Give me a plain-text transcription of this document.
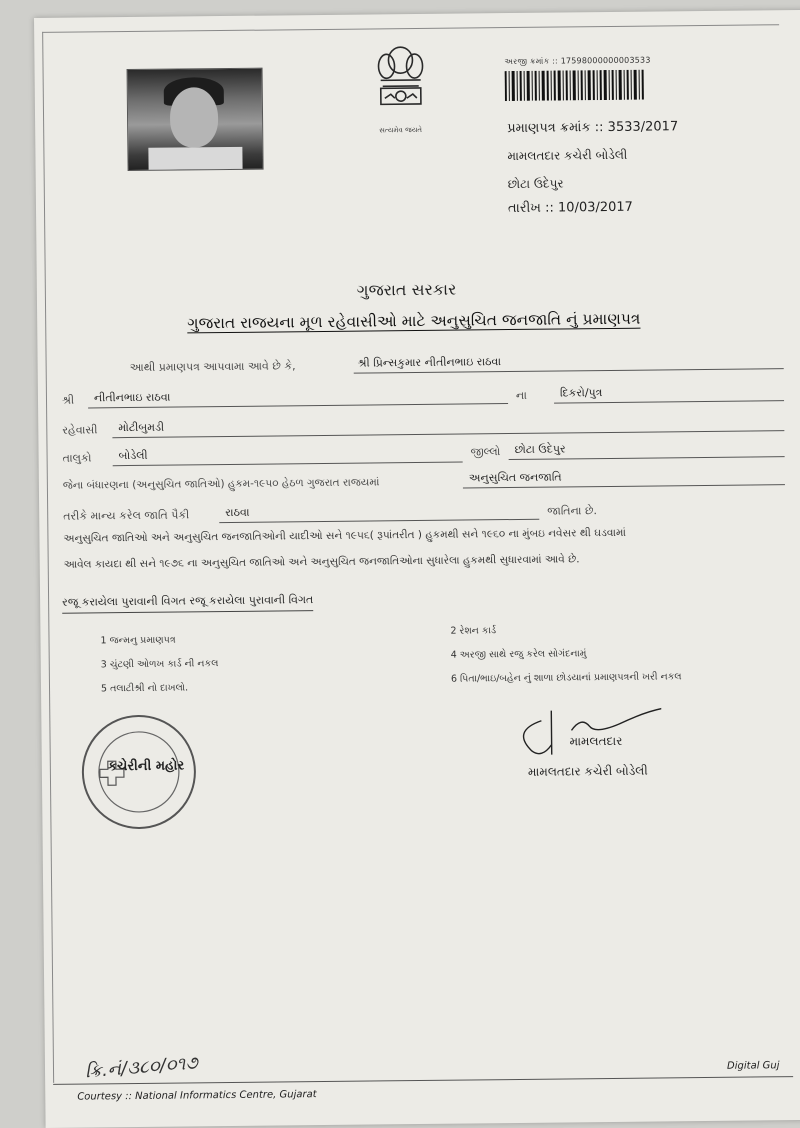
સત્યમેવ જયતે
અરજી ક્રમાંક :: 17598000000003533
પ્રમાણપત્ર ક્રમાંક :: 3533/2017
મામલતદાર કચેરી બોડેલી
છોટા ઉદેપુર
તારીખ :: 10/03/2017
ગુજરાત સરકાર
ગુજરાત રાજયના મૂળ રહેવાસીઓ માટે અનુસુચિત જનજાતિ નું પ્રમાણપત્ર
આથી પ્રમાણપત્ર આપવામા આવે છે કે,	શ્રી પ્રિન્સકુમાર નીતીનભાઇ રાઠવા
શ્રી નીતીનભાઇ રાઠવા	ના	દિકરો/પુત્ર
રહેવાસી મોટીબુમડી
તાલુકો બોડેલી	જીલ્લો છોટા ઉદેપુર
જેના બંધારણના (અનુસુચિત જાતિઓ) હુકમ-૧૯૫૦ હેઠળ ગુજરાત રાજયમાં	અનુસુચિત જનજાતિ
તરીકે માન્ય કરેલ જાતિ પૈકી	રાઠવા	જાતિના છે.
અનુસુચિત જાતિઓ અને અનુસુચિત જનજાતિઓની યાદીઓ સને ૧૯૫૬( રૂપાંતરીત ) હુકમથી સને ૧૯૬૦ ના મુંબઇ નવેસર થી ઘડવામાં
આવેલ કાયદા થી સને ૧૯૭૬ ના અનુસુચિત જાતિઓ અને અનુસુચિત જનજાતિઓના સુધારેલા હુકમથી સુધારવામાં આવે છે.
રજૂ કરાયેલા પુરાવાની વિગત રજૂ કરાયેલા પુરાવાની વિગત
1 જન્મનુ પ્રમાણપત્ર
2 રેશન કાર્ડ
3 ચુંટણી ઓળખ કાર્ડ ની નકલ
4 અરજી સાથે રજુ કરેલ સોગંદનામું
5 તલાટીશ્રી નો દાખલો.
6 પિતા/ભાઇ/બહેન નું શાળા છોડયાનાં પ્રમાણપત્રની ખરી નકલ
કચેરીની મહોર
મામલતદાર
મામલતદાર કચેરી બોડેલી
ક્રિ.નં/૩૮૦/૦૧૭
Courtesy :: National Informatics Centre, Gujarat
Digital Guj
